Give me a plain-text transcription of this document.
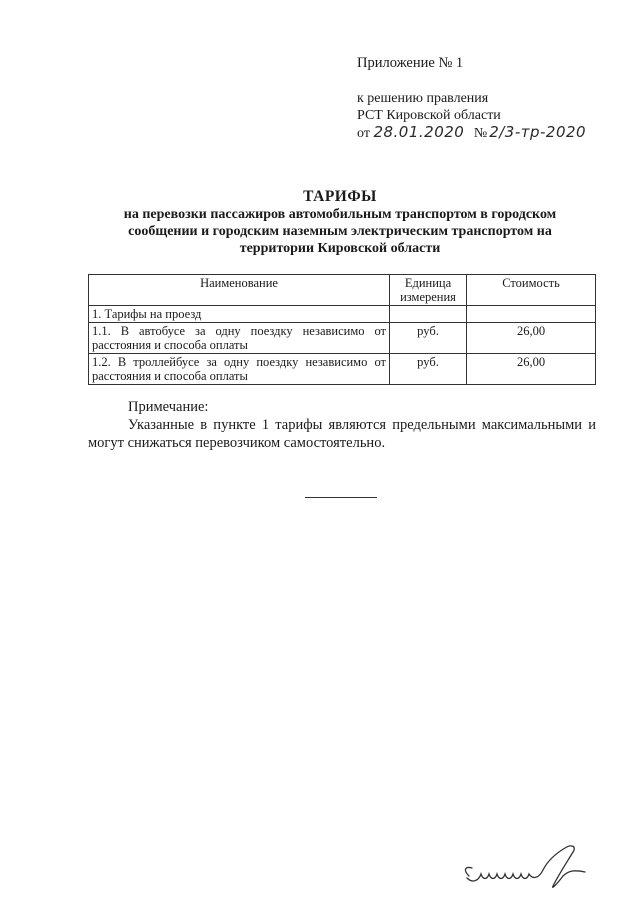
Приложение № 1
к решению правления
РСТ Кировской области
от 28.01.2020 № 2/3-тр-2020
ТАРИФЫ
на перевозки пассажиров автомобильным транспортом в городском сообщении и городским наземным электрическим транспортом на территории Кировской области
Наименование	Единица измерения	Стоимость
1. Тарифы на проезд		
1.1. В автобусе за одну поездку независимо от расстояния и способа оплаты	руб.	26,00
1.2. В троллейбусе за одну поездку независимо от расстояния и способа оплаты	руб.	26,00
Примечание:
Указанные в пункте 1 тарифы являются предельными максимальными и могут снижаться перевозчиком самостоятельно.
